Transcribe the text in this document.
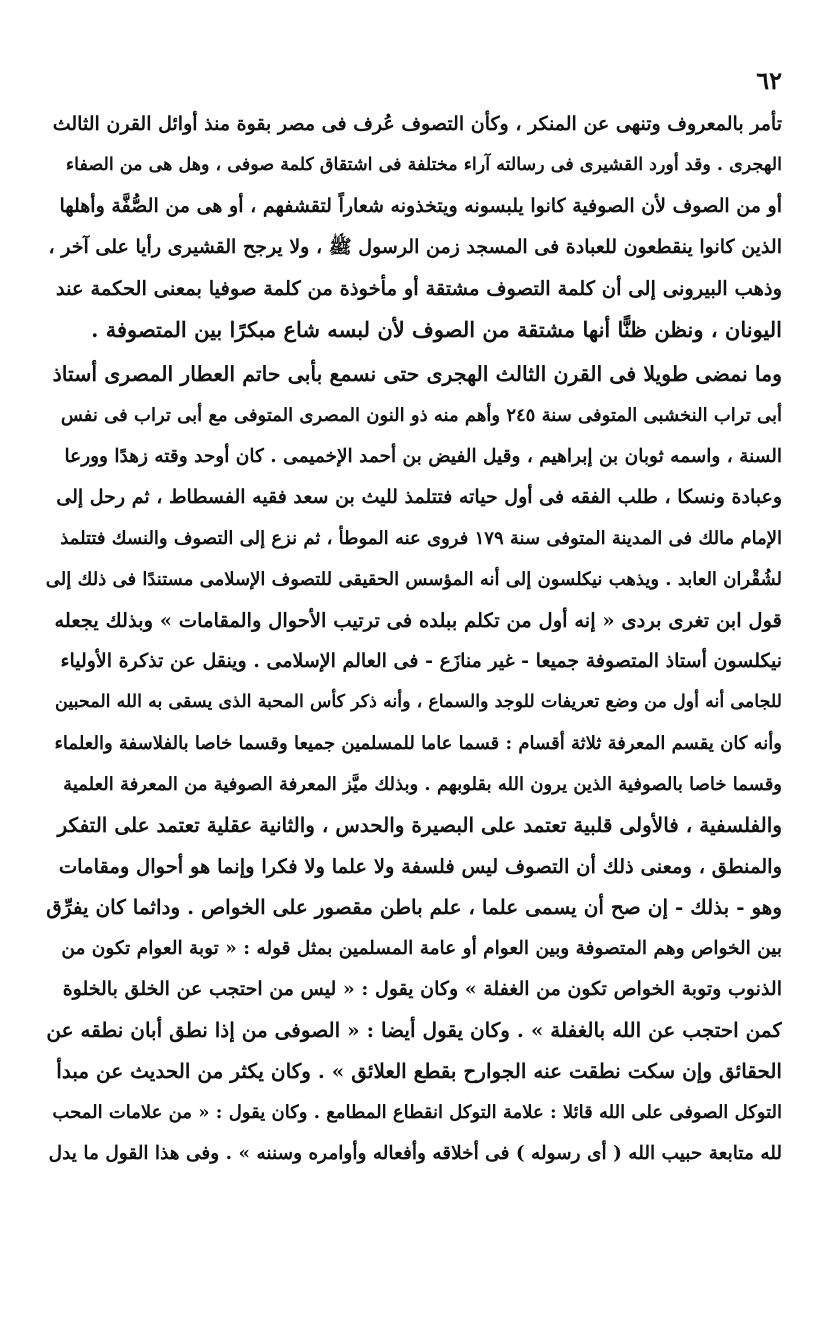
٦٢
تأمر بالمعروف وتنهى عن المنكر ، وكأن التصوف عُرف فى مصر بقوة منذ أوائل القرن الثالث
الهجرى . وقد أورد القشيرى فى رسالته آراء مختلفة فى اشتقاق كلمة صوفى ، وهل هى من الصفاء
أو من الصوف لأن الصوفية كانوا يلبسونه ويتخذونه شعاراً لتقشفهم ، أو هى من الصُّفَّة وأهلها
الذين كانوا ينقطعون للعبادة فى المسجد زمن الرسول ﷺ ، ولا يرجح القشيرى رأيا على آخر ،
وذهب البيرونى إلى أن كلمة التصوف مشتقة أو مأخوذة من كلمة صوفيا بمعنى الحكمة عند
اليونان ، ونظن ظنًّا أنها مشتقة من الصوف لأن لبسه شاع مبكرًا بين المتصوفة .
وما نمضى طويلا فى القرن الثالث الهجرى حتى نسمع بأبى حاتم العطار المصرى أستاذ
أبى تراب النخشبى المتوفى سنة ٢٤٥ وأهم منه ذو النون المصرى المتوفى مع أبى تراب فى نفس
السنة ، واسمه ثوبان بن إبراهيم ، وقيل الفيض بن أحمد الإخميمى . كان أوحد وقته زهدًا وورعا
وعبادة ونسكا ، طلب الفقه فى أول حياته فتتلمذ لليث بن سعد فقيه الفسطاط ، ثم رحل إلى
الإمام مالك فى المدينة المتوفى سنة ١٧٩ فروى عنه الموطأ ، ثم نزع إلى التصوف والنسك فتتلمذ
لشُقْران العابد . ويذهب نيكلسون إلى أنه المؤسس الحقيقى للتصوف الإسلامى مستندًا فى ذلك إلى
قول ابن تغرى بردى « إنه أول من تكلم ببلده فى ترتيب الأحوال والمقامات » وبذلك يجعله
نيكلسون أستاذ المتصوفة جميعا - غير منازَع - فى العالم الإسلامى . وينقل عن تذكرة الأولياء
للجامى أنه أول من وضع تعريفات للوجد والسماع ، وأنه ذكر كأس المحبة الذى يسقى به الله المحبين
وأنه كان يقسم المعرفة ثلاثة أقسام : قسما عاما للمسلمين جميعا وقسما خاصا بالفلاسفة والعلماء
وقسما خاصا بالصوفية الذين يرون الله بقلوبهم . وبذلك ميَّز المعرفة الصوفية من المعرفة العلمية
والفلسفية ، فالأولى قلبية تعتمد على البصيرة والحدس ، والثانية عقلية تعتمد على التفكر
والمنطق ، ومعنى ذلك أن التصوف ليس فلسفة ولا علما ولا فكرا وإنما هو أحوال ومقامات
وهو - بذلك - إن صح أن يسمى علما ، علم باطن مقصور على الخواص . وداثما كان يفرِّق
بين الخواص وهم المتصوفة وبين العوام أو عامة المسلمين بمثل قوله : « توبة العوام تكون من
الذنوب وتوبة الخواص تكون من الغفلة » وكان يقول : « ليس من احتجب عن الخلق بالخلوة
كمن احتجب عن الله بالغفلة » . وكان يقول أيضا : « الصوفى من إذا نطق أبان نطقه عن
الحقائق وإن سكت نطقت عنه الجوارح بقطع العلائق » . وكان يكثر من الحديث عن مبدأ
التوكل الصوفى على الله قائلا : علامة التوكل انقطاع المطامع . وكان يقول : « من علامات المحب
لله متابعة حبيب الله ( أى رسوله ) فى أخلاقه وأفعاله وأوامره وسننه » . وفى هذا القول ما يدل
